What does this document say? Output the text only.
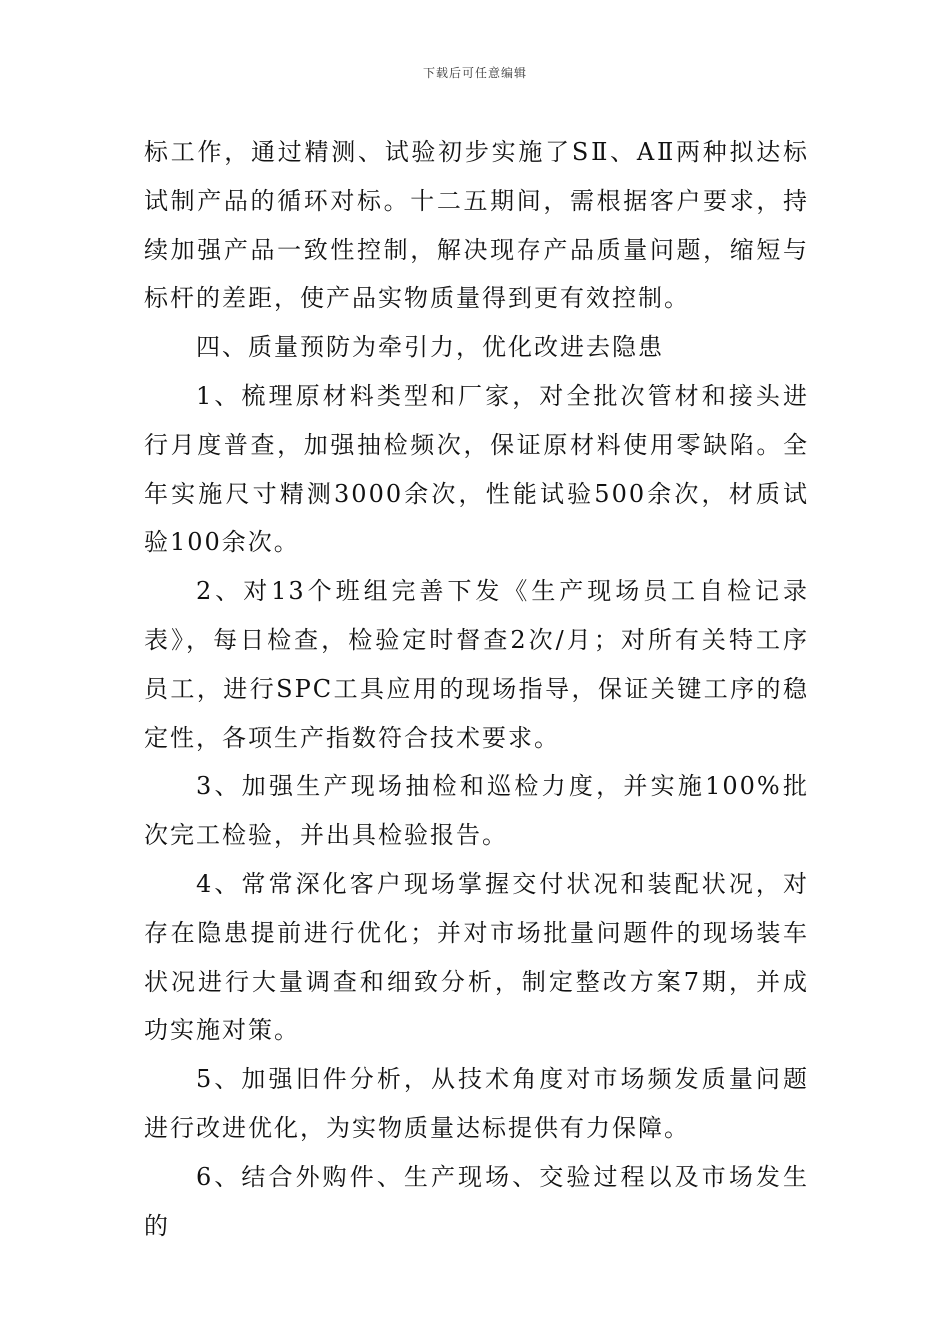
下载后可任意编辑

标工作，通过精测、试验初步实施了SⅡ、AⅡ两种拟达标试制产品的循环对标。十二五期间，需根据客户要求，持续加强产品一致性控制，解决现存产品质量问题，缩短与标杆的差距，使产品实物质量得到更有效控制。

四、质量预防为牵引力，优化改进去隐患

1、梳理原材料类型和厂家，对全批次管材和接头进行月度普查，加强抽检频次，保证原材料使用零缺陷。全年实施尺寸精测3000余次，性能试验500余次，材质试验100余次。

2、对13个班组完善下发《生产现场员工自检记录表》，每日检查，检验定时督查2次/月；对所有关特工序员工，进行SPC工具应用的现场指导，保证关键工序的稳定性，各项生产指数符合技术要求。

3、加强生产现场抽检和巡检力度，并实施100%批次完工检验，并出具检验报告。

4、常常深化客户现场掌握交付状况和装配状况，对存在隐患提前进行优化；并对市场批量问题件的现场装车状况进行大量调查和细致分析，制定整改方案7期，并成功实施对策。

5、加强旧件分析，从技术角度对市场频发质量问题进行改进优化，为实物质量达标提供有力保障。

6、结合外购件、生产现场、交验过程以及市场发生的
